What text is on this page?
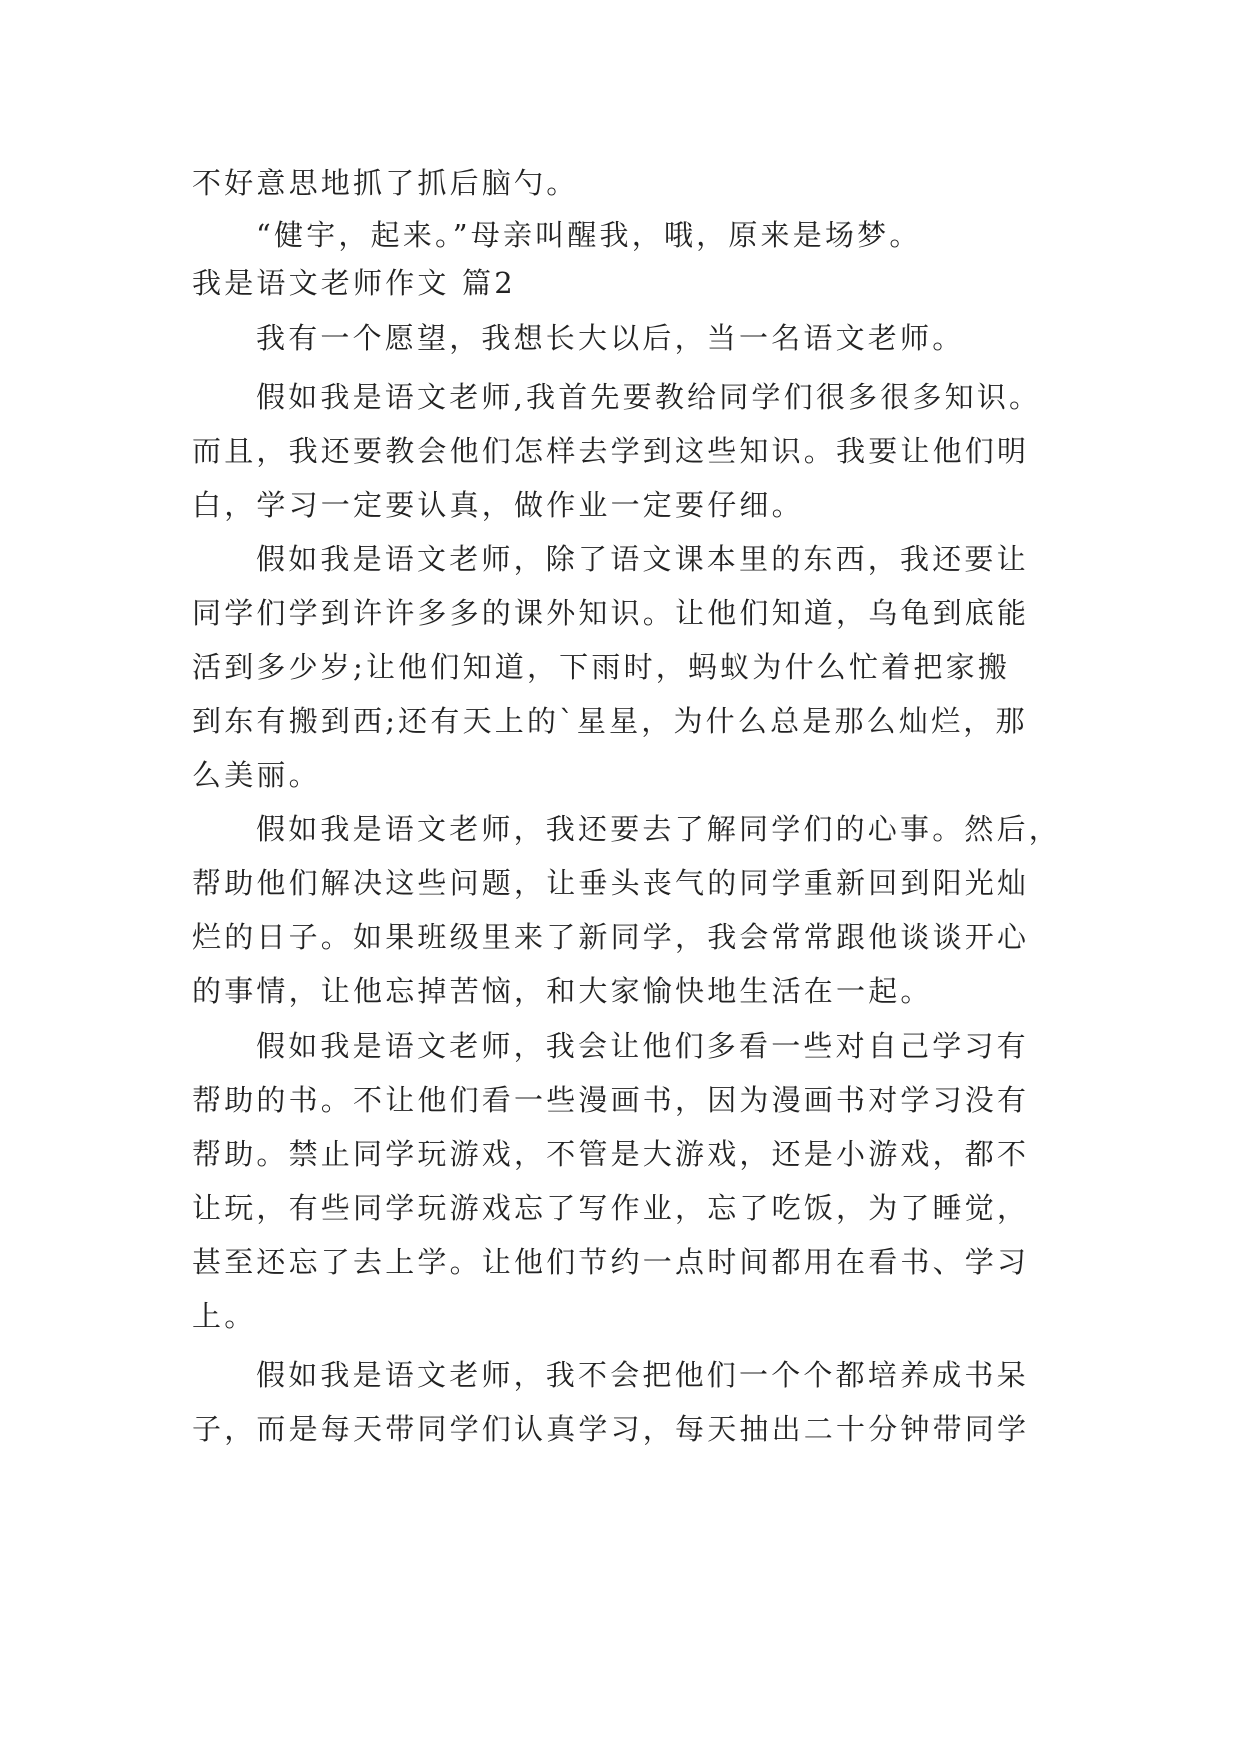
不好意思地抓了抓后脑勺。
“健宇，起来。”母亲叫醒我，哦，原来是场梦。
我是语文老师作文 篇2
我有一个愿望，我想长大以后，当一名语文老师。
假如我是语文老师,我首先要教给同学们很多很多知识。
而且，我还要教会他们怎样去学到这些知识。我要让他们明
白，学习一定要认真，做作业一定要仔细。
假如我是语文老师，除了语文课本里的东西，我还要让
同学们学到许许多多的课外知识。让他们知道，乌龟到底能
活到多少岁;让他们知道，下雨时，蚂蚁为什么忙着把家搬
到东有搬到西;还有天上的`星星，为什么总是那么灿烂，那
么美丽。
假如我是语文老师，我还要去了解同学们的心事。然后，
帮助他们解决这些问题，让垂头丧气的同学重新回到阳光灿
烂的日子。如果班级里来了新同学，我会常常跟他谈谈开心
的事情，让他忘掉苦恼，和大家愉快地生活在一起。
假如我是语文老师，我会让他们多看一些对自己学习有
帮助的书。不让他们看一些漫画书，因为漫画书对学习没有
帮助。禁止同学玩游戏，不管是大游戏，还是小游戏，都不
让玩，有些同学玩游戏忘了写作业，忘了吃饭，为了睡觉，
甚至还忘了去上学。让他们节约一点时间都用在看书、学习
上。
假如我是语文老师，我不会把他们一个个都培养成书呆
子，而是每天带同学们认真学习，每天抽出二十分钟带同学
